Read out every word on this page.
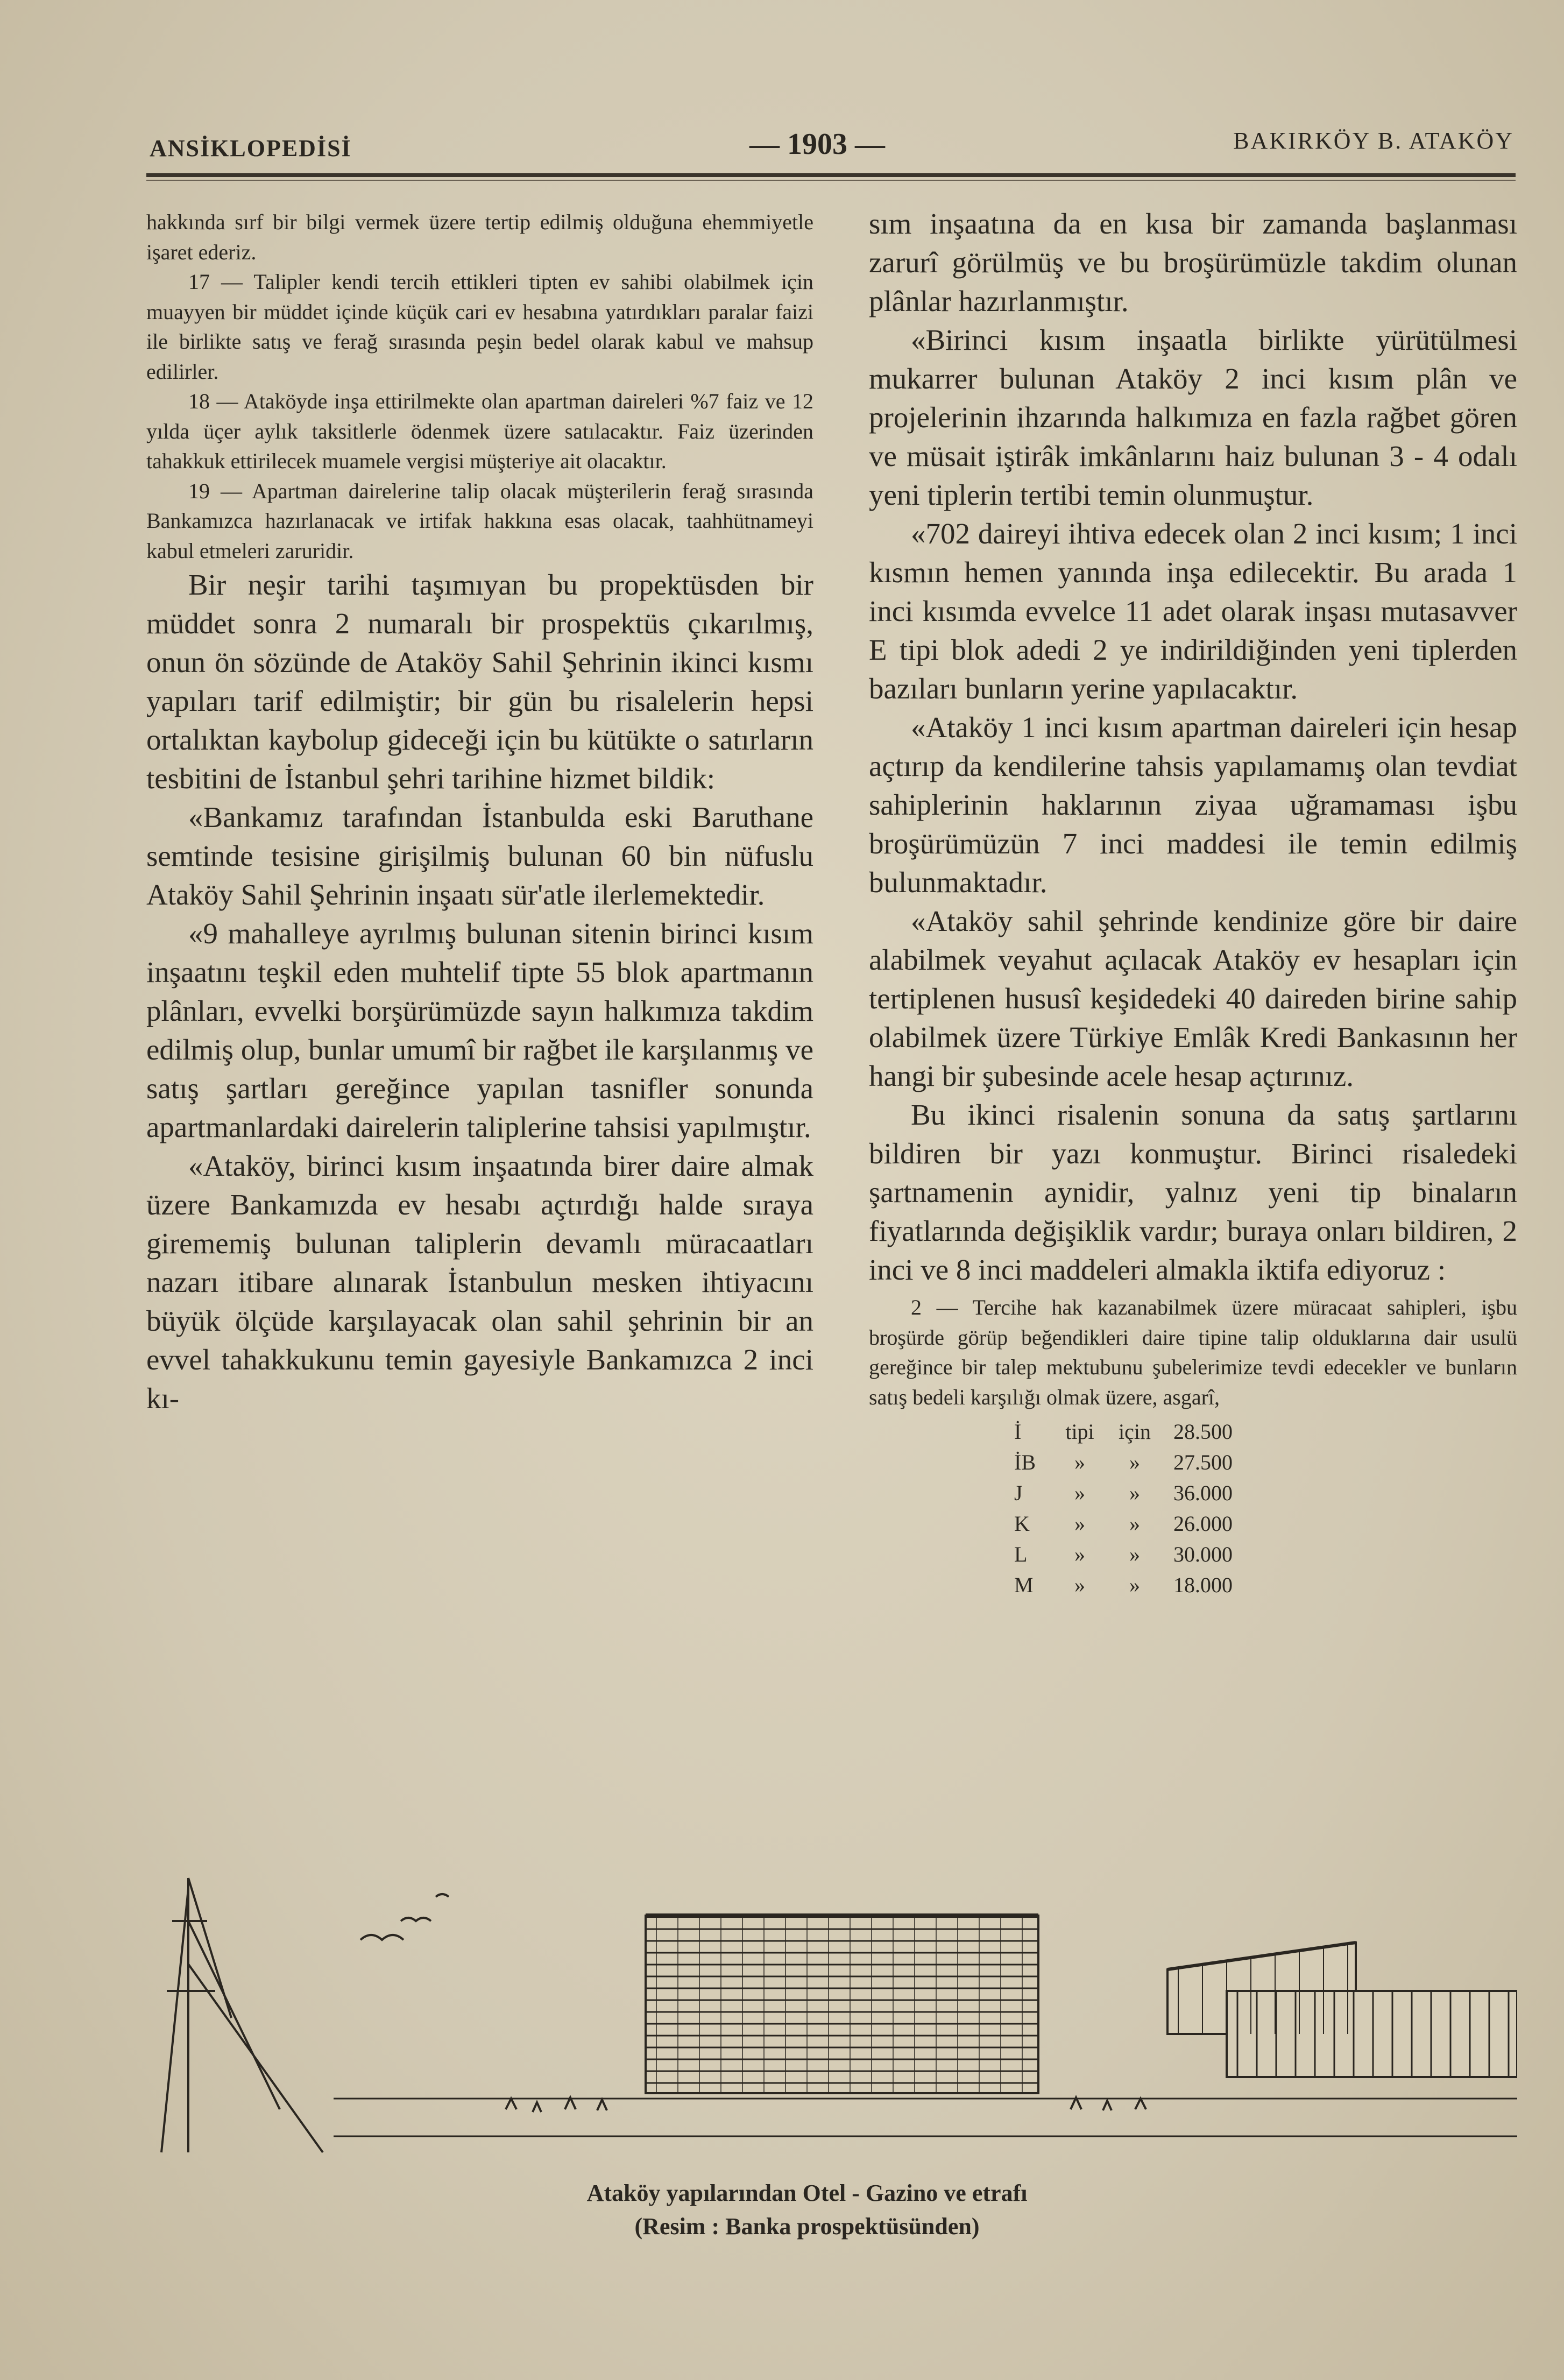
ANSİKLOPEDİSİ	— 1903 —	BAKIRKÖY B. ATAKÖY

hakkında sırf bir bilgi vermek üzere tertip edilmiş olduğuna ehemmiyetle işaret ederiz.

17 — Talipler kendi tercih ettikleri tipten ev sahibi olabilmek için muayyen bir müddet içinde küçük cari ev hesabına yatırdıkları paralar faizi ile birlikte satış ve ferağ sırasında peşin bedel olarak kabul ve mahsup edilirler.

18 — Ataköyde inşa ettirilmekte olan apartman daireleri %7 faiz ve 12 yılda üçer aylık taksitlerle ödenmek üzere satılacaktır. Faiz üzerinden tahakkuk ettirilecek muamele vergisi müşteriye ait olacaktır.

19 — Apartman dairelerine talip olacak müşterilerin ferağ sırasında Bankamızca hazırlanacak ve irtifak hakkına esas olacak, taahhütnameyi kabul etmeleri zaruridir.

Bir neşir tarihi taşımıyan bu propektüsden bir müddet sonra 2 numaralı bir prospektüs çıkarılmış, onun ön sözünde de Ataköy Sahil Şehrinin ikinci kısmı yapıları tarif edilmiştir; bir gün bu risalelerin hepsi ortalıktan kaybolup gideceği için bu kütükte o satırların tesbitini de İstanbul şehri tarihine hizmet bildik:

«Bankamız tarafından İstanbulda eski Baruthane semtinde tesisine girişilmiş bulunan 60 bin nüfuslu Ataköy Sahil Şehrinin inşaatı sür'atle ilerlemektedir.

«9 mahalleye ayrılmış bulunan sitenin birinci kısım inşaatını teşkil eden muhtelif tipte 55 blok apartmanın plânları, evvelki borşürümüzde sayın halkımıza takdim edilmiş olup, bunlar umumî bir rağbet ile karşılanmış ve satış şartları gereğince yapılan tasnifler sonunda apartmanlardaki dairelerin taliplerine tahsisi yapılmıştır.

«Ataköy, birinci kısım inşaatında birer daire almak üzere Bankamızda ev hesabı açtırdığı halde sıraya girememiş bulunan taliplerin devamlı müracaatları nazarı itibare alınarak İstanbulun mesken ihtiyacını büyük ölçüde karşılayacak olan sahil şehrinin bir an evvel tahakkukunu temin gayesiyle Bankamızca 2 inci kı-

sım inşaatına da en kısa bir zamanda başlanması zarurî görülmüş ve bu broşürümüzle takdim olunan plânlar hazırlanmıştır.

«Birinci kısım inşaatla birlikte yürütülmesi mukarrer bulunan Ataköy 2 inci kısım plân ve projelerinin ihzarında halkımıza en fazla rağbet gören ve müsait iştirâk imkânlarını haiz bulunan 3 - 4 odalı yeni tiplerin tertibi temin olunmuştur.

«702 daireyi ihtiva edecek olan 2 inci kısım; 1 inci kısmın hemen yanında inşa edilecektir. Bu arada 1 inci kısımda evvelce 11 adet olarak inşası mutasavver E tipi blok adedi 2 ye indirildiğinden yeni tiplerden bazıları bunların yerine yapılacaktır.

«Ataköy 1 inci kısım apartman daireleri için hesap açtırıp da kendilerine tahsis yapılamamış olan tevdiat sahiplerinin haklarının ziyaa uğramaması işbu broşürümüzün 7 inci maddesi ile temin edilmiş bulunmaktadır.

«Ataköy sahil şehrinde kendinize göre bir daire alabilmek veyahut açılacak Ataköy ev hesapları için tertiplenen hususî keşidedeki 40 daireden birine sahip olabilmek üzere Türkiye Emlâk Kredi Bankasının her hangi bir şubesinde acele hesap açtırınız.

Bu ikinci risalenin sonuna da satış şartlarını bildiren bir yazı konmuştur. Birinci risaledeki şartnamenin aynidir, yalnız yeni tip binaların fiyatlarında değişiklik vardır; buraya onları bildiren, 2 inci ve 8 inci maddeleri almakla iktifa ediyoruz :

2 — Tercihe hak kazanabilmek üzere müracaat sahipleri, işbu broşürde görüp beğendikleri daire tipine talip olduklarına dair usulü gereğince bir talep mektubunu şubelerimize tevdi edecekler ve bunların satış bedeli karşılığı olmak üzere, asgarî,

İ	tipi	için	28.500
İB	»	»	27.500
J	»	»	36.000
K	»	»	26.000
L	»	»	30.000
M	»	»	18.000
Ataköy yapılarından Otel - Gazino ve etrafı
(Resim : Banka prospektüsünden)
